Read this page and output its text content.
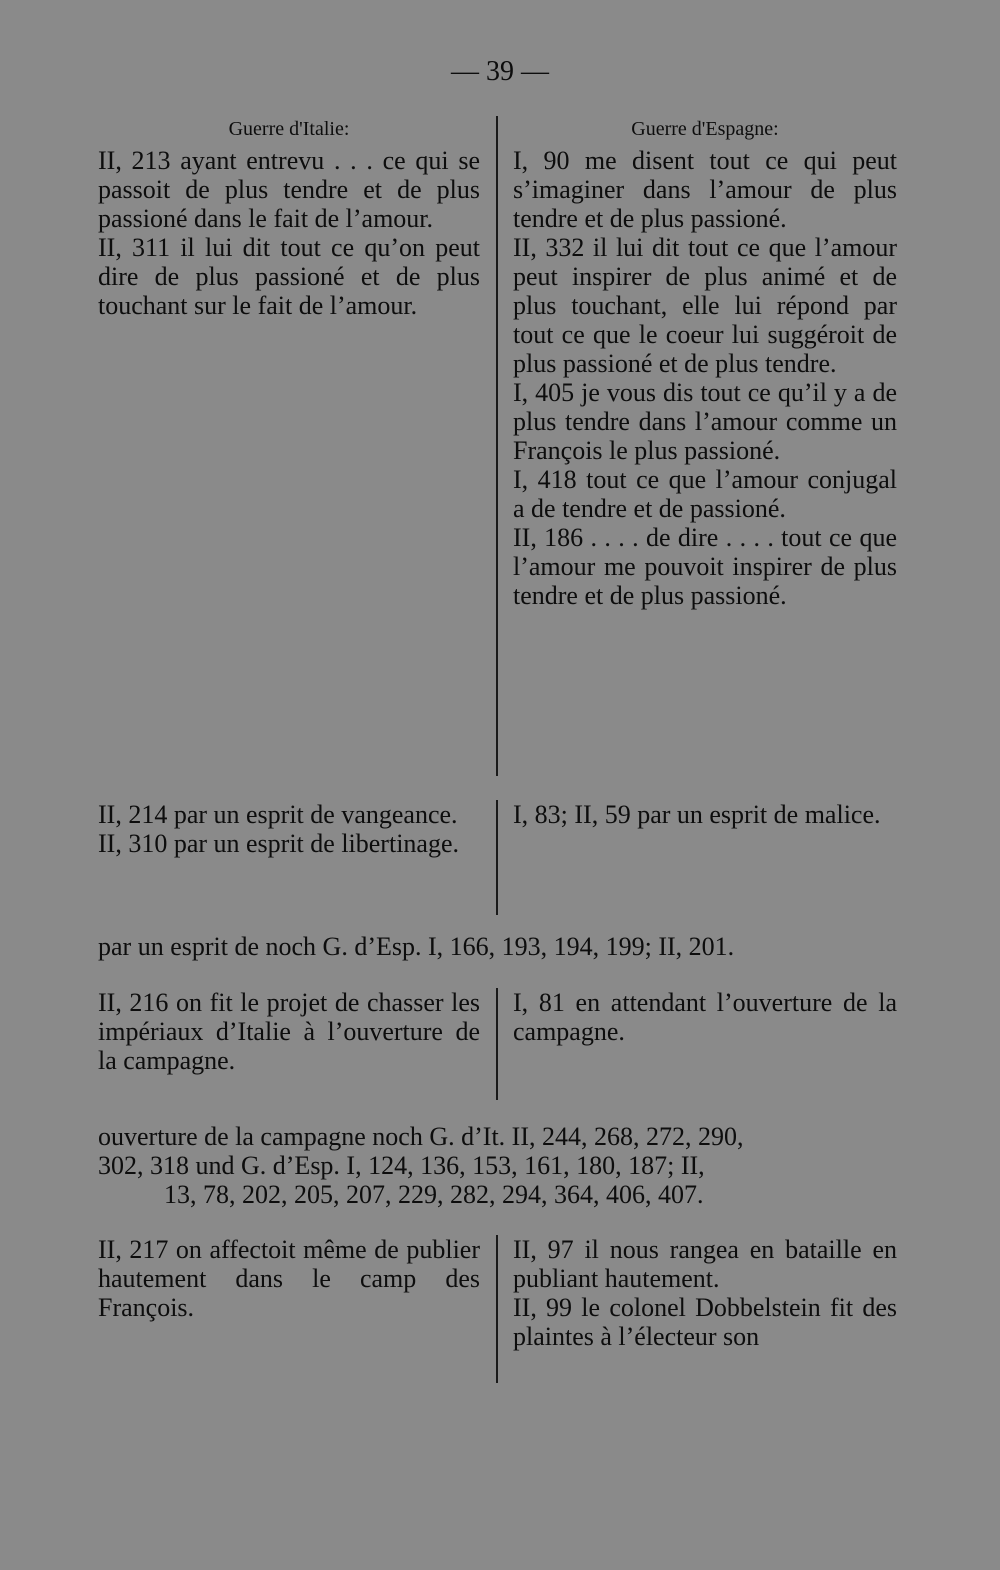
— 39 —
Guerre d'Italie:

II, 213 ayant entrevu . . . ce qui se passoit de plus tendre et de plus passioné dans le fait de l’amour.

II, 311 il lui dit tout ce qu’on peut dire de plus passioné et de plus touchant sur le fait de l’amour.

Guerre d'Espagne:

I, 90 me disent tout ce qui peut s’imaginer dans l’amour de plus tendre et de plus passioné.

II, 332 il lui dit tout ce que l’amour peut inspirer de plus animé et de plus touchant, elle lui répond par tout ce que le coeur lui suggéroit de plus passioné et de plus tendre.

I, 405 je vous dis tout ce qu’il y a de plus tendre dans l’amour comme un François le plus passioné.

I, 418 tout ce que l’amour conjugal a de tendre et de passioné.

II, 186 . . . . de dire . . . . tout ce que l’amour me pouvoit inspirer de plus tendre et de plus passioné.

II, 214 par un esprit de vangeance.

II, 310 par un esprit de libertinage.

I, 83; II, 59 par un esprit de malice.

par un esprit de noch G. d’Esp. I, 166, 193, 194, 199; II, 201.

II, 216 on fit le projet de chasser les impériaux d’Italie à l’ouverture de la campagne.

I, 81 en attendant l’ouverture de la campagne.

ouverture de la campagne noch G. d’It. II, 244, 268, 272, 290,
302, 318 und G. d’Esp. I, 124, 136, 153, 161, 180, 187; II,
13, 78, 202, 205, 207, 229, 282, 294, 364, 406, 407.

II, 217 on affectoit même de publier hautement dans le camp des François.

II, 97 il nous rangea en bataille en publiant hautement.

II, 99 le colonel Dobbelstein fit des plaintes à l’électeur son
